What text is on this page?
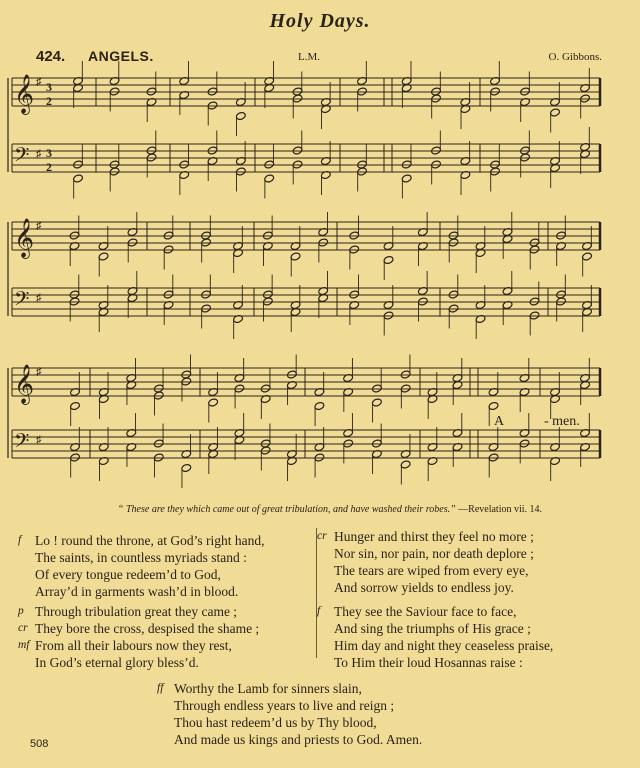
Holy Days.
424. ANGELS.	L.M.	O. Gibbons.
𝄞 ♯ 3
2
𝄢 ♯ 3
2
𝄞 ♯
𝄢 ♯
𝄞 ♯
𝄢 ♯
A	- men.
“ These are they which came out of great tribulation, and have washed their robes.” —Revelation vii. 14.
f Lo ! round the throne, at God’s right hand,
The saints, in countless myriads stand :
Of every tongue redeem’d to God,
Array’d in garments wash’d in blood.
p Through tribulation great they came ;
cr They bore the cross, despised the shame ;
mf From all their labours now they rest,
In God’s eternal glory bless’d.
cr Hunger and thirst they feel no more ;
Nor sin, nor pain, nor death deplore ;
The tears are wiped from every eye,
And sorrow yields to endless joy.
f They see the Saviour face to face,
And sing the triumphs of His grace ;
Him day and night they ceaseless praise,
To Him their loud Hosannas raise :
ff Worthy the Lamb for sinners slain,
Through endless years to live and reign ;
Thou hast redeem’d us by Thy blood,
And made us kings and priests to God. Amen.
508
